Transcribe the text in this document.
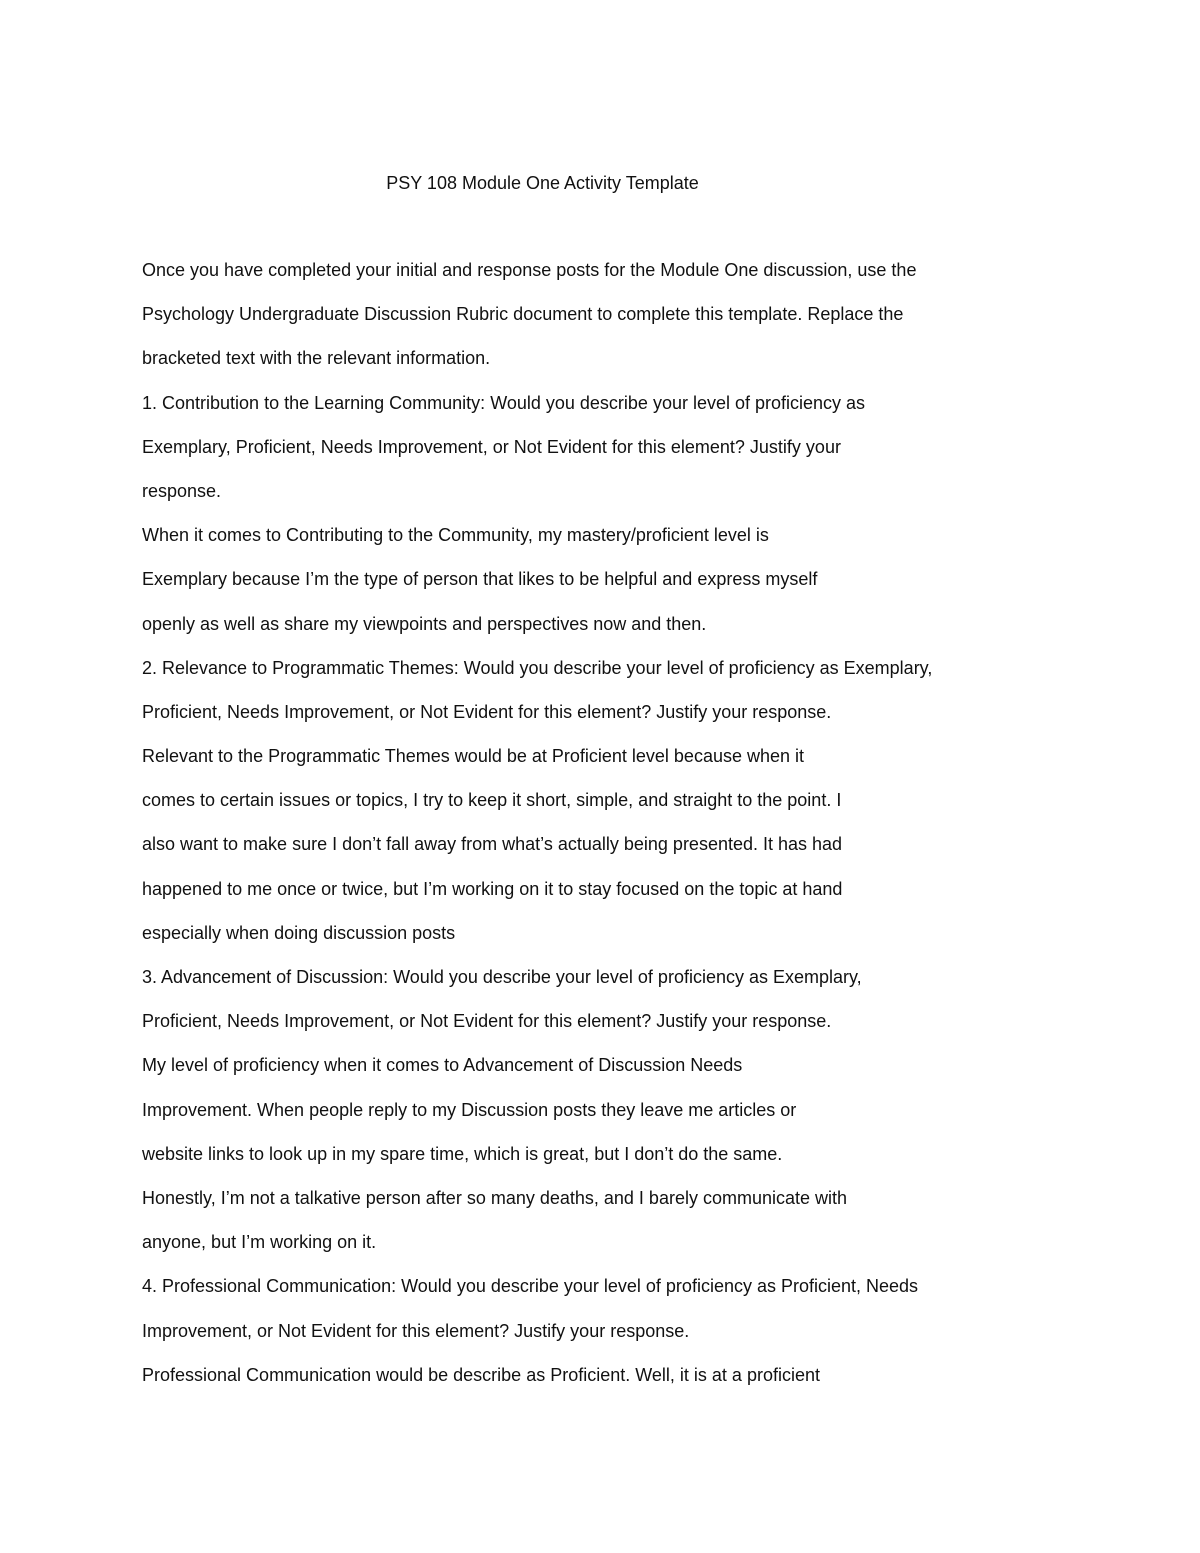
PSY 108 Module One Activity Template
Once you have completed your initial and response posts for the Module One discussion, use the
Psychology Undergraduate Discussion Rubric document to complete this template. Replace the
bracketed text with the relevant information.
1. Contribution to the Learning Community: Would you describe your level of proficiency as
Exemplary, Proficient, Needs Improvement, or Not Evident for this element? Justify your
response.
When it comes to Contributing to the Community, my mastery/proficient level is
Exemplary because I’m the type of person that likes to be helpful and express myself
openly as well as share my viewpoints and perspectives now and then.
2. Relevance to Programmatic Themes: Would you describe your level of proficiency as Exemplary,
Proficient, Needs Improvement, or Not Evident for this element? Justify your response.
Relevant to the Programmatic Themes would be at Proficient level because when it
comes to certain issues or topics, I try to keep it short, simple, and straight to the point. I
also want to make sure I don’t fall away from what’s actually being presented. It has had
happened to me once or twice, but I’m working on it to stay focused on the topic at hand
especially when doing discussion posts
3. Advancement of Discussion: Would you describe your level of proficiency as Exemplary,
Proficient, Needs Improvement, or Not Evident for this element? Justify your response.
My level of proficiency when it comes to Advancement of Discussion Needs
Improvement. When people reply to my Discussion posts they leave me articles or
website links to look up in my spare time, which is great, but I don’t do the same.
Honestly, I’m not a talkative person after so many deaths, and I barely communicate with
anyone, but I’m working on it.
4. Professional Communication: Would you describe your level of proficiency as Proficient, Needs
Improvement, or Not Evident for this element? Justify your response.
Professional Communication would be describe as Proficient. Well, it is at a proficient
